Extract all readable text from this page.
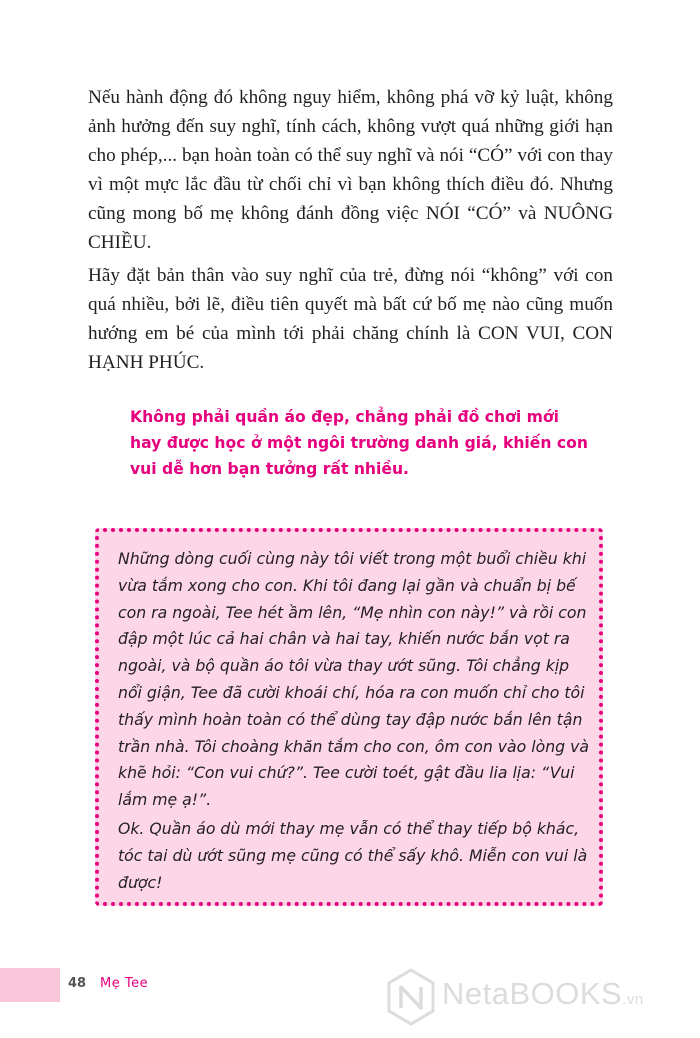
Nếu hành động đó không nguy hiểm, không phá vỡ kỷ luật, không ảnh hưởng đến suy nghĩ, tính cách, không vượt quá những giới hạn cho phép,... bạn hoàn toàn có thể suy nghĩ và nói “CÓ” với con thay vì một mực lắc đầu từ chối chỉ vì bạn không thích điều đó. Nhưng cũng mong bố mẹ không đánh đồng việc NÓI “CÓ” và NUÔNG CHIỀU.

Hãy đặt bản thân vào suy nghĩ của trẻ, đừng nói “không” với con quá nhiều, bởi lẽ, điều tiên quyết mà bất cứ bố mẹ nào cũng muốn hướng em bé của mình tới phải chăng chính là CON VUI, CON HẠNH PHÚC.

Không phải quần áo đẹp, chẳng phải đồ chơi mới hay được học ở một ngôi trường danh giá, khiến con vui dễ hơn bạn tưởng rất nhiều.

Những dòng cuối cùng này tôi viết trong một buổi chiều khi vừa tắm xong cho con. Khi tôi đang lại gần và chuẩn bị bế con ra ngoài, Tee hét ầm lên, “Mẹ nhìn con này!” và rồi con đập một lúc cả hai chân và hai tay, khiến nước bắn vọt ra ngoài, và bộ quần áo tôi vừa thay ướt sũng. Tôi chẳng kịp nổi giận, Tee đã cười khoái chí, hóa ra con muốn chỉ cho tôi thấy mình hoàn toàn có thể dùng tay đập nước bắn lên tận trần nhà. Tôi choàng khăn tắm cho con, ôm con vào lòng và khẽ hỏi: “Con vui chứ?”. Tee cười toét, gật đầu lia lịa: “Vui lắm mẹ ạ!”.

Ok. Quần áo dù mới thay mẹ vẫn có thể thay tiếp bộ khác, tóc tai dù ướt sũng mẹ cũng có thể sấy khô. Miễn con vui là được!

48 Mẹ Tee	NetaBOOKS.vn
